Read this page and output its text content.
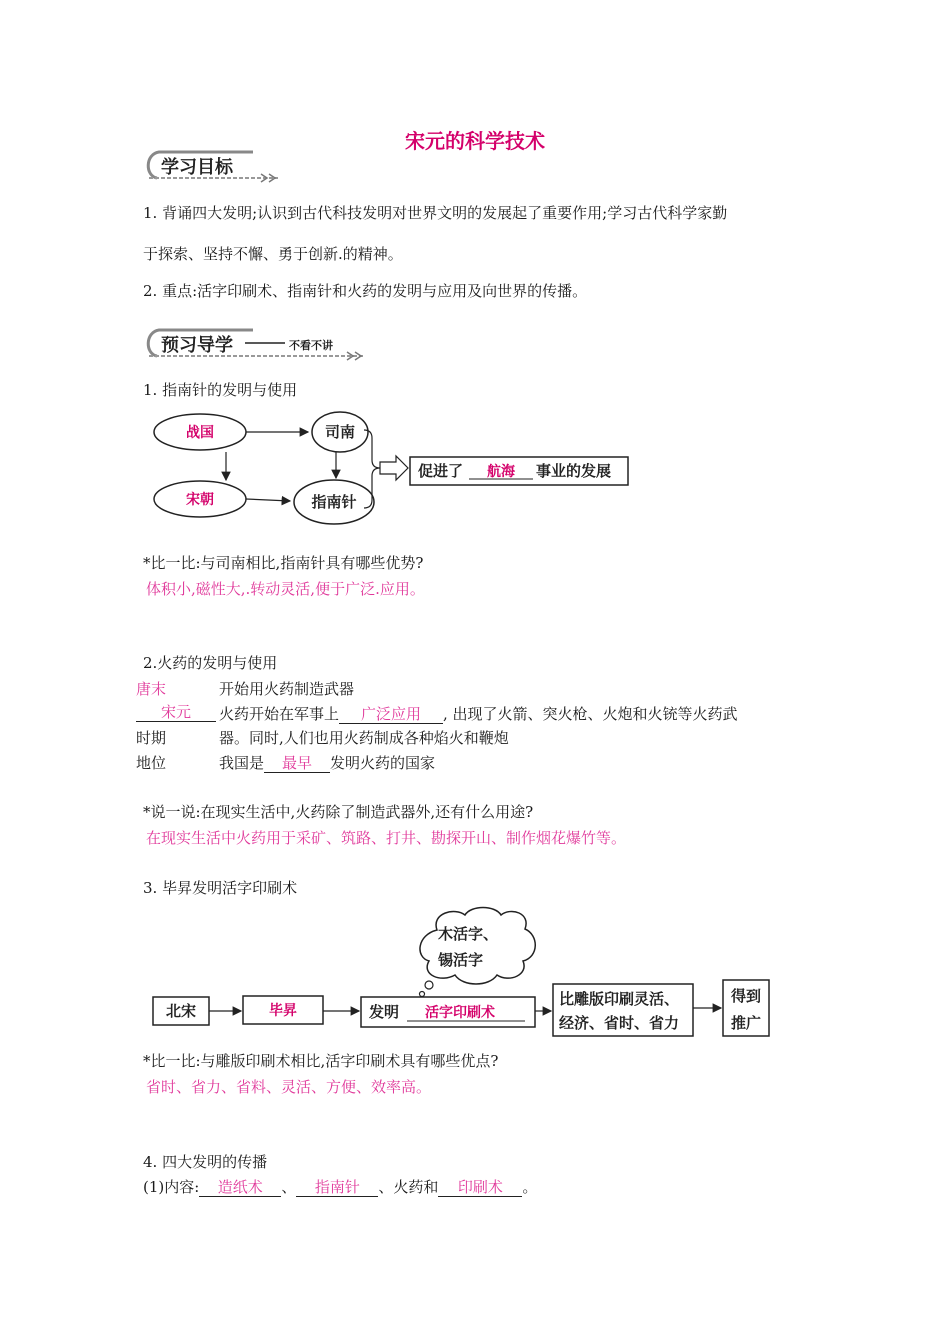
宋元的科学技术
学习目标
1. 背诵四大发明;认识到古代科技发明对世界文明的发展起了重要作用;学习古代科学家勤
于探索、坚持不懈、勇于创新.的精神。
2. 重点:活字印刷术、指南针和火药的发明与应用及向世界的传播。
预习导学	不看不讲
1. 指南针的发明与使用
战国
宋朝
司南
指南针
促进了 航海 事业的发展
*比一比:与司南相比,指南针具有哪些优势?
体积小,磁性大,.转动灵活,便于广泛.应用。
2.火药的发明与使用
唐末	开始用火药制造武器
宋元	火药开始在军事上 广泛应用 , 出现了火箭、突火枪、火炮和火铳等火药武
时期	器。同时,人们也用火药制成各种焰火和鞭炮
地位	我国是 最早 发明火药的国家
*说一说:在现实生活中,火药除了制造武器外,还有什么用途?
在现实生活中火药用于采矿、筑路、打井、勘探开山、制作烟花爆竹等。
3. 毕昇发明活字印刷术
木活字、
锡活字
北宋	毕昇	发明 活字印刷术
比雕版印刷灵活、
经济、省时、省力
得到
推广
*比一比:与雕版印刷术相比,活字印刷术具有哪些优点?
省时、省力、省料、灵活、方便、效率高。
4. 四大发明的传播
(1)内容: 造纸术 、 指南针 、火药和 印刷术 。
